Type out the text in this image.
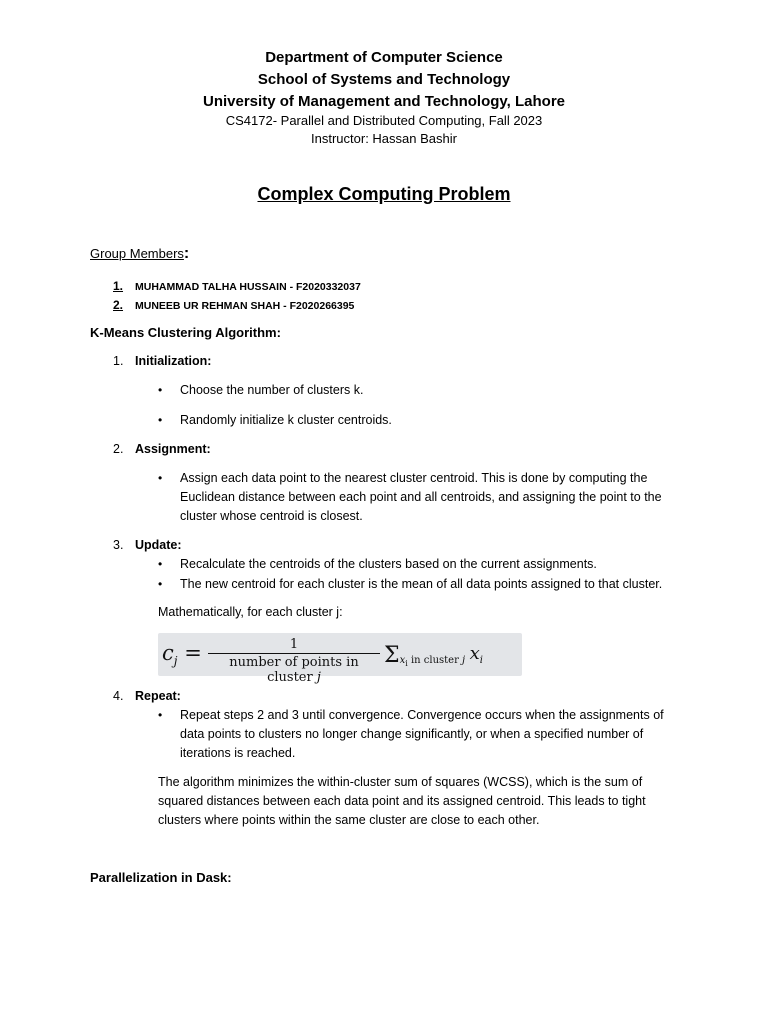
Department of Computer Science
School of Systems and Technology
University of Management and Technology, Lahore
CS4172- Parallel and Distributed Computing, Fall 2023
Instructor: Hassan Bashir
Complex Computing Problem
Group Members:
1. MUHAMMAD TALHA HUSSAIN - F2020332037
2. MUNEEB UR REHMAN SHAH - F2020266395
K-Means Clustering Algorithm:
1. Initialization:
• Choose the number of clusters k.
• Randomly initialize k cluster centroids.
2. Assignment:
• Assign each data point to the nearest cluster centroid. This is done by computing the Euclidean distance between each point and all centroids, and assigning the point to the cluster whose centroid is closest.
3. Update:
• Recalculate the centroids of the clusters based on the current assignments.
• The new centroid for each cluster is the mean of all data points assigned to that cluster.
Mathematically, for each cluster j:
$c_j$ =	1
number of points in cluster j
$\Sigma_{x_i in cluster j}$ $x_i$
4. Repeat:
• Repeat steps 2 and 3 until convergence. Convergence occurs when the assignments of data points to clusters no longer change significantly, or when a specified number of iterations is reached.
The algorithm minimizes the within-cluster sum of squares (WCSS), which is the sum of squared distances between each data point and its assigned centroid. This leads to tight clusters where points within the same cluster are close to each other.
Parallelization in Dask:
